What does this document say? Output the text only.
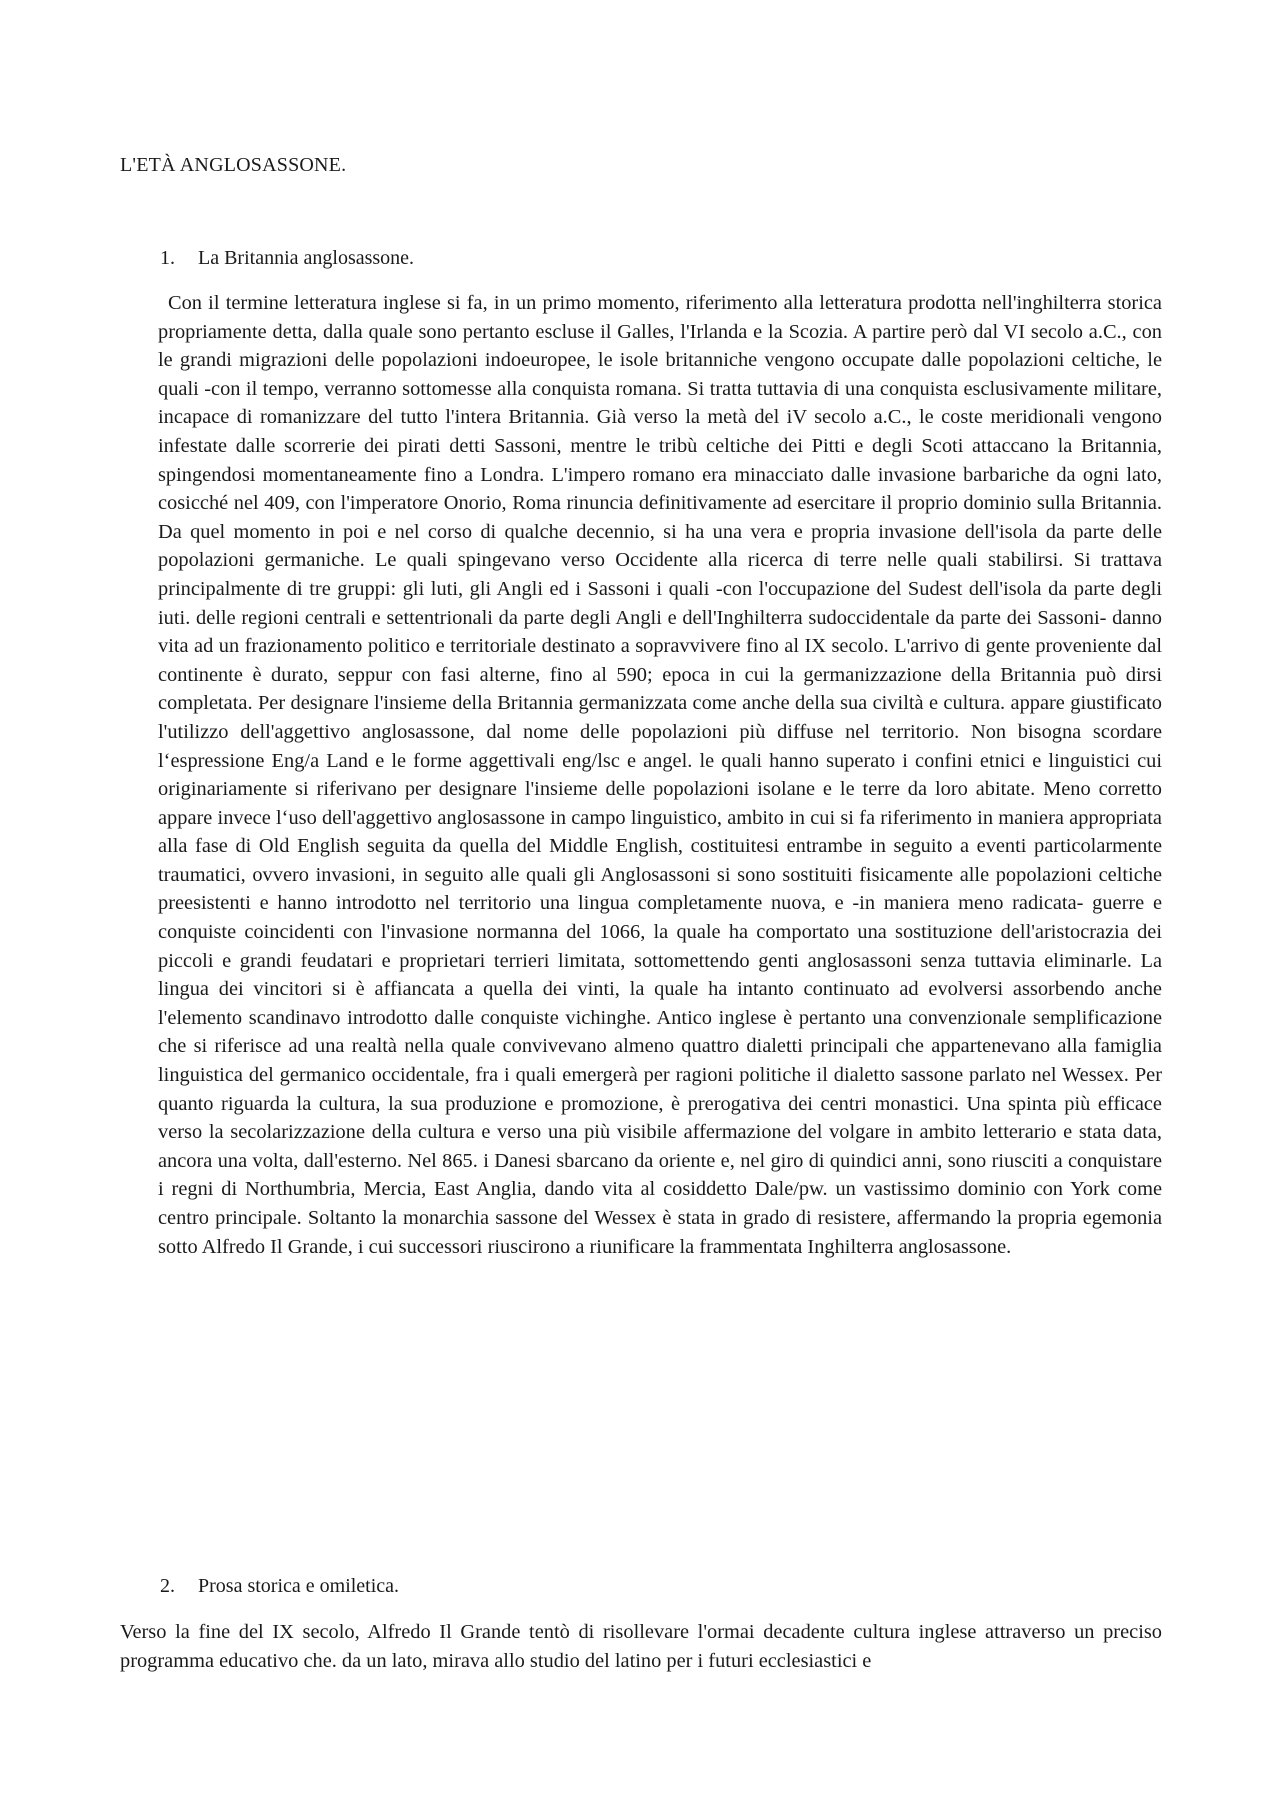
L'ETÀ ANGLOSASSONE.
1. La Britannia anglosassone.

Con il termine letteratura inglese si fa, in un primo momento, riferimento alla letteratura prodotta nell'inghilterra storica propriamente detta, dalla quale sono pertanto escluse il Galles, l'Irlanda e la Scozia. A partire però dal VI secolo a.C., con le grandi migrazioni delle popolazioni indoeuropee, le isole britanniche vengono occupate dalle popolazioni celtiche, le quali -con il tempo, verranno sottomesse alla conquista romana. Si tratta tuttavia di una conquista esclusivamente militare, incapace di romanizzare del tutto l'intera Britannia. Già verso la metà del iV secolo a.C., le coste meridionali vengono infestate dalle scorrerie dei pirati detti Sassoni, mentre le tribù celtiche dei Pitti e degli Scoti attaccano la Britannia, spingendosi momentaneamente fino a Londra. L'impero romano era minacciato dalle invasione barbariche da ogni lato, cosicché nel 409, con l'imperatore Onorio, Roma rinuncia definitivamente ad esercitare il proprio dominio sulla Britannia. Da quel momento in poi e nel corso di qualche decennio, si ha una vera e propria invasione dell'isola da parte delle popolazioni germaniche. Le quali spingevano verso Occidente alla ricerca di terre nelle quali stabilirsi. Si trattava principalmente di tre gruppi: gli luti, gli Angli ed i Sassoni i quali -con l'occupazione del Sudest dell'isola da parte degli iuti. delle regioni centrali e settentrionali da parte degli Angli e dell'Inghilterra sudoccidentale da parte dei Sassoni- danno vita ad un frazionamento politico e territoriale destinato a sopravvivere fino al IX secolo. L'arrivo di gente proveniente dal continente è durato, seppur con fasi alterne, fino al 590; epoca in cui la germanizzazione della Britannia può dirsi completata. Per designare l'insieme della Britannia germanizzata come anche della sua civiltà e cultura. appare giustificato l'utilizzo dell'aggettivo anglosassone, dal nome delle popolazioni più diffuse nel territorio. Non bisogna scordare l‘espressione Eng/a Land e le forme aggettivali eng/lsc e angel. le quali hanno superato i confini etnici e linguistici cui originariamente si riferivano per designare l'insieme delle popolazioni isolane e le terre da loro abitate. Meno corretto appare invece l‘uso dell'aggettivo anglosassone in campo linguistico, ambito in cui si fa riferimento in maniera appropriata alla fase di Old English seguita da quella del Middle English, costituitesi entrambe in seguito a eventi particolarmente traumatici, ovvero invasioni, in seguito alle quali gli Anglosassoni si sono sostituiti fisicamente alle popolazioni celtiche preesistenti e hanno introdotto nel territorio una lingua completamente nuova, e -in maniera meno radicata- guerre e conquiste coincidenti con l'invasione normanna del 1066, la quale ha comportato una sostituzione dell'aristocrazia dei piccoli e grandi feudatari e proprietari terrieri limitata, sottomettendo genti anglosassoni senza tuttavia eliminarle. La lingua dei vincitori si è affiancata a quella dei vinti, la quale ha intanto continuato ad evolversi assorbendo anche l'elemento scandinavo introdotto dalle conquiste vichinghe. Antico inglese è pertanto una convenzionale semplificazione che si riferisce ad una realtà nella quale convivevano almeno quattro dialetti principali che appartenevano alla famiglia linguistica del germanico occidentale, fra i quali emergerà per ragioni politiche il dialetto sassone parlato nel Wessex. Per quanto riguarda la cultura, la sua produzione e promozione, è prerogativa dei centri monastici. Una spinta più efficace verso la secolarizzazione della cultura e verso una più visibile affermazione del volgare in ambito letterario e stata data, ancora una volta, dall'esterno. Nel 865. i Danesi sbarcano da oriente e, nel giro di quindici anni, sono riusciti a conquistare i regni di Northumbria, Mercia, East Anglia, dando vita al cosiddetto Dale/pw. un vastissimo dominio con York come centro principale. Soltanto la monarchia sassone del Wessex è stata in grado di resistere, affermando la propria egemonia sotto Alfredo Il Grande, i cui successori riuscirono a riunificare la frammentata Inghilterra anglosassone.

2. Prosa storica e omiletica.

Verso la fine del IX secolo, Alfredo Il Grande tentò di risollevare l'ormai decadente cultura inglese attraverso un preciso programma educativo che. da un lato, mirava allo studio del latino per i futuri ecclesiastici e
